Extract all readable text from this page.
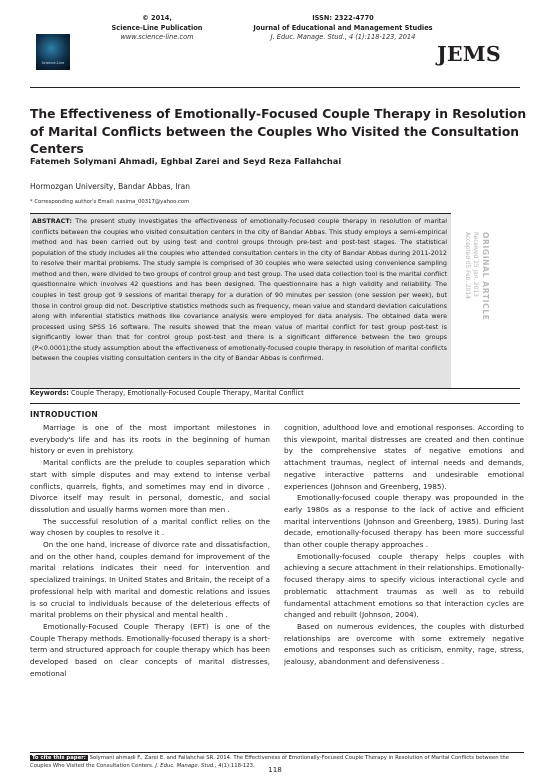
© 2014,
Science-Line Publication
www.science-line.com
ISSN: 2322-4770
Journal of Educational and Management Studies
J. Educ. Manage. Stud., 4 (1):118-123, 2014
Science-Line	JEMS
The Effectiveness of Emotionally-Focused Couple Therapy in Resolution of Marital Conflicts between the Couples Who Visited the Consultation Centers
Fatemeh Solymani Ahmadi, Eghbal Zarei and Seyd Reza Fallahchai
Hormozgan University, Bandar Abbas, Iran
* Corresponding author's Email: nasima_00317@yahoo.com
ABSTRACT: The present study investigates the effectiveness of emotionally-focused couple therapy in resolution of marital conflicts between the couples who visited consultation centers in the city of Bandar Abbas. This study employs a semi-empirical method and has been carried out by using test and control groups through pre-test and post-test stages. The statistical population of the study includes all the couples who attended consultation centers in the city of Bandar Abbas during 2011-2012 to resolve their marital problems. The study sample is comprised of 30 couples who were selected using convenience sampling method and then, were divided to two groups of control group and test group. The used data collection tool is the marital conflict questionnaire which involves 42 questions and has been designed. The questionnaire has a high validity and reliability. The couples in test group got 9 sessions of marital therapy for a duration of 90 minutes per session (one session per week), but those in control group did not. Descriptive statistics methods such as frequency, mean value and standard deviation calculations along with inferential statistics methods like covariance analysis were employed for data analysis. The obtained data were processed using SPSS 16 software. The results showed that the mean value of marital conflict for test group post-test is significantly lower than that for control group post-test and there is a significant difference between the two groups (P<0.0001);the study assumption about the effectiveness of emotionally-focused couple therapy in resolution of marital conflicts between the couples visiting consultation centers in the city of Bandar Abbas is confirmed.
ORIGINAL ARTICLE
Received 25 Jan. 2013
Accepted 05 Feb. 2014
Keywords: Couple Therapy, Emotionally-Focused Couple Therapy, Marital Conflict
INTRODUCTION

Marriage is one of the most important milestones in everybody's life and has its roots in the beginning of human history or even in prehistory.

Marital conflicts are the prelude to couples separation which start with simple disputes and may extend to intense verbal conflicts, quarrels, fights, and sometimes may end in divorce . Divorce itself may result in personal, domestic, and social dissolution and usually harms women more than men .

The successful resolution of a marital conflict relies on the way chosen by couples to resolve it .

On the one hand, increase of divorce rate and dissatisfaction, and on the other hand, couples demand for improvement of the marital relations indicates their need for intervention and specialized trainings. In United States and Britain, the receipt of a professional help with marital and domestic relations and issues is so crucial to individuals because of the deleterious effects of marital problems on their physical and mental health .

Emotionally-Focused Couple Therapy (EFT) is one of the Couple Therapy methods. Emotionally-focused therapy is a short-term and structured approach for couple therapy which has been developed based on clear concepts of marital distresses, emotional

cognition, adulthood love and emotional responses. According to this viewpoint, marital distresses are created and then continue by the comprehensive states of negative emotions and attachment traumas, neglect of internal needs and demands, negative interactive patterns and undesirable emotional experiences (Johnson and Greenberg, 1985).

Emotionally-focused couple therapy was propounded in the early 1980s as a response to the lack of active and efficient marital interventions (Johnson and Greenberg, 1985). During last decade, emotionally-focused therapy has been more successful than other couple therapy approaches .

Emotionally-focused couple therapy helps couples with achieving a secure attachment in their relationships. Emotionally-focused therapy aims to specify vicious interactional cycle and problematic attachment traumas as well as to rebuild fundamental attachment emotions so that interaction cycles are changed and rebuilt (Johnson, 2004).

Based on numerous evidences, the couples with disturbed relationships are overcome with some extremely negative emotions and responses such as criticism, enmity, rage, stress, jealousy, abandonment and defensiveness .

To cite this paper: Solymani ahmadi F., Zarei E. and Fallahchai SR. 2014. The Effectiveness of Emotionally-Focused Couple Therapy in Resolution of Marital Conflicts between the Couples Who Visited the Consultation Centers. J. Educ. Manage. Stud., 4(1):118-123.	118
